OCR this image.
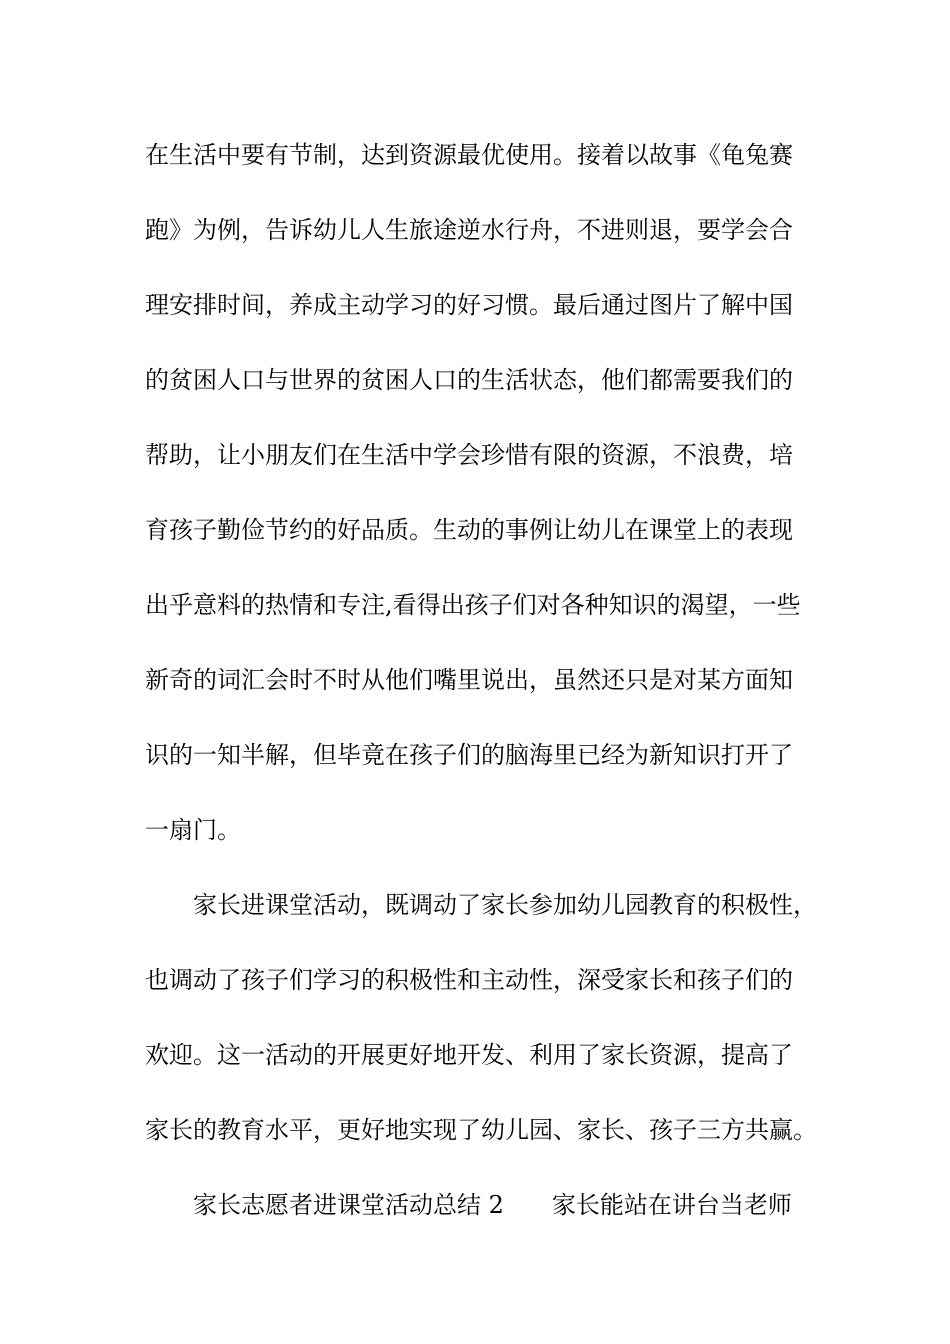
在生活中要有节制，达到资源最优使用。接着以故事《龟兔赛

跑》为例，告诉幼儿人生旅途逆水行舟，不进则退，要学会合

理安排时间，养成主动学习的好习惯。最后通过图片了解中国

的贫困人口与世界的贫困人口的生活状态，他们都需要我们的

帮助，让小朋友们在生活中学会珍惜有限的资源，不浪费，培

育孩子勤俭节约的好品质。生动的事例让幼儿在课堂上的表现

出乎意料的热情和专注,看得出孩子们对各种知识的渴望，一些

新奇的词汇会时不时从他们嘴里说出，虽然还只是对某方面知

识的一知半解，但毕竟在孩子们的脑海里已经为新知识打开了

一扇门。

家长进课堂活动，既调动了家长参加幼儿园教育的积极性，

也调动了孩子们学习的积极性和主动性，深受家长和孩子们的

欢迎。这一活动的开展更好地开发、利用了家长资源，提高了

家长的教育水平，更好地实现了幼儿园、家长、孩子三方共赢。

家长志愿者进课堂活动总结 2 家长能站在讲台当老师
